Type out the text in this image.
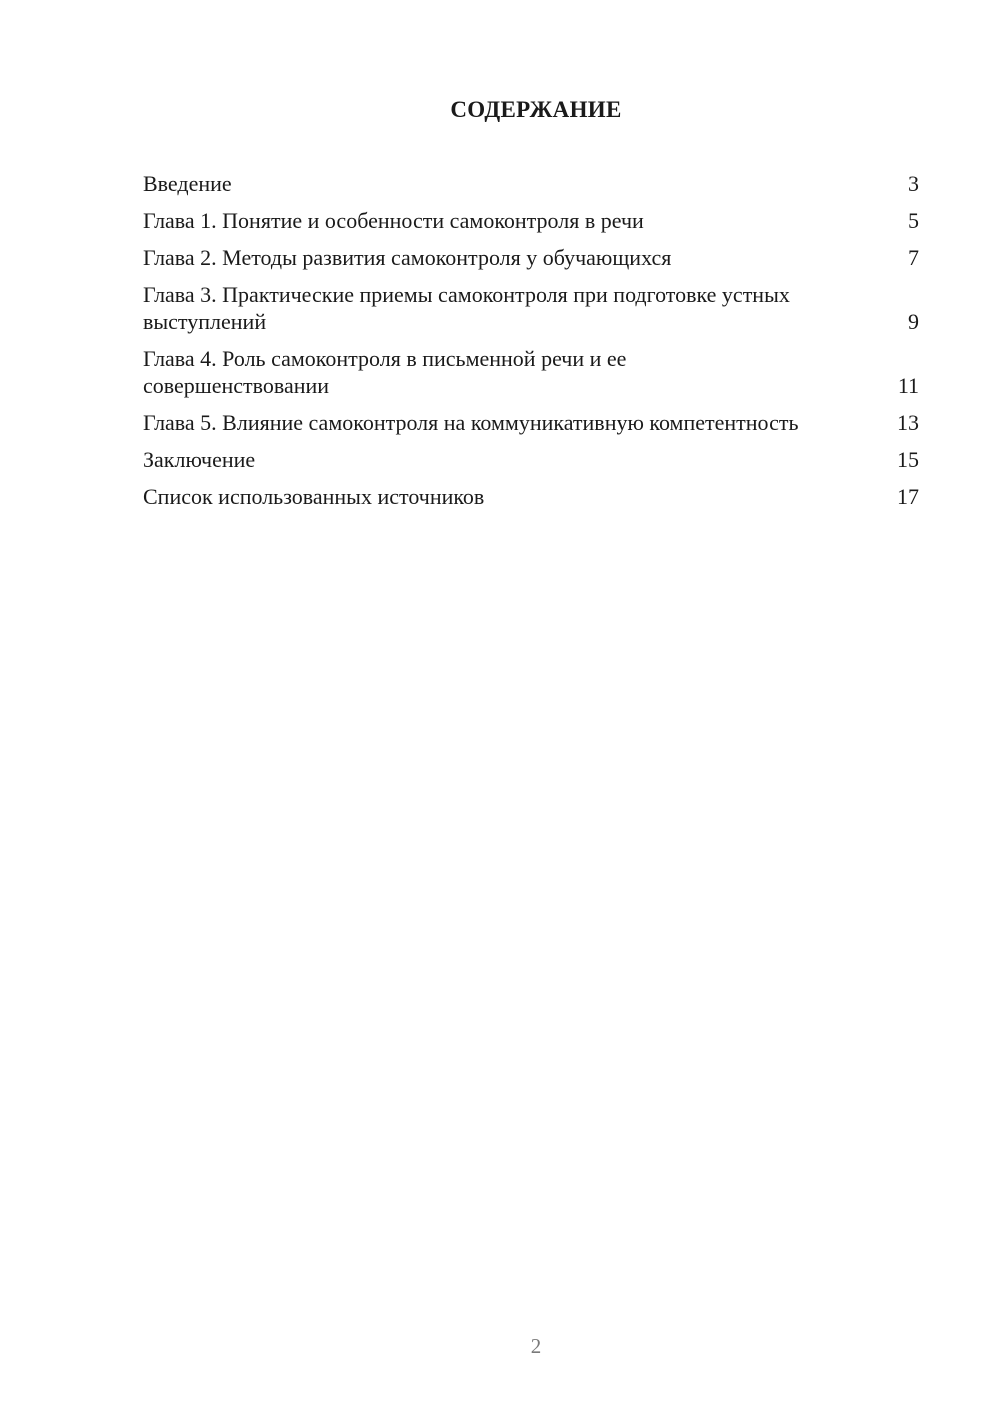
СОДЕРЖАНИЕ
Введение	3
Глава 1. Понятие и особенности самоконтроля в речи	5
Глава 2. Методы развития самоконтроля у обучающихся	7
Глава 3. Практические приемы самоконтроля при подготовке устных выступлений	9
Глава 4. Роль самоконтроля в письменной речи и ее совершенствовании	11
Глава 5. Влияние самоконтроля на коммуникативную компетентность	13
Заключение	15
Список использованных источников	17
2
